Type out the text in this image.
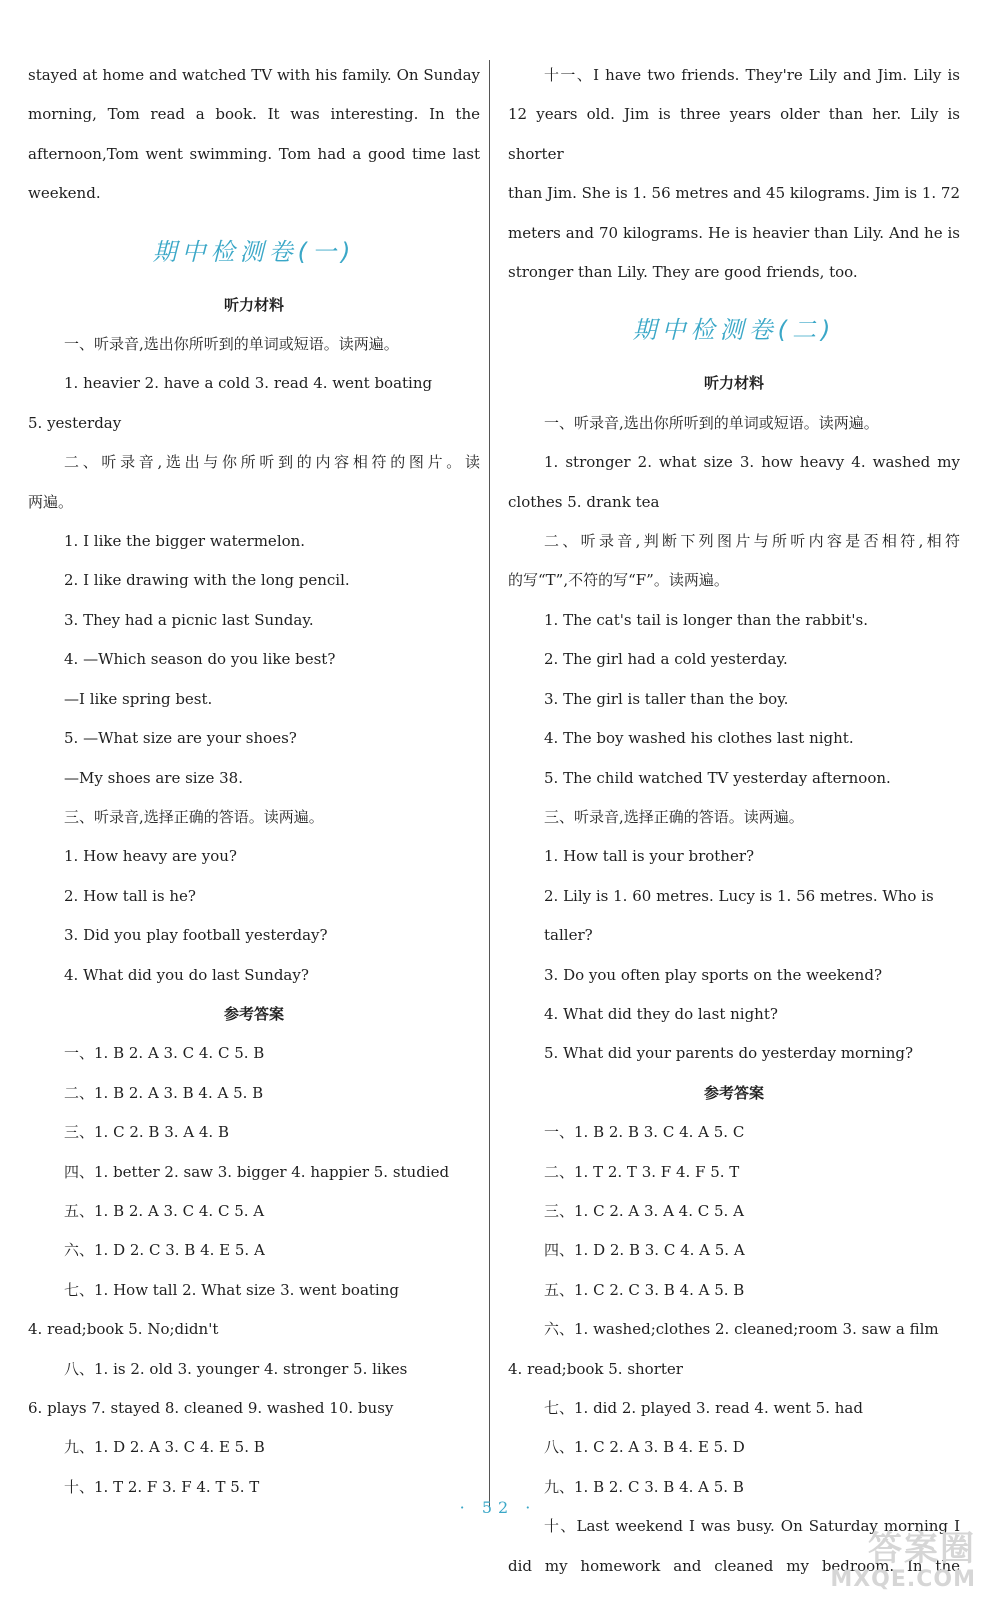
stayed at home and watched TV with his family. On Sunday

morning, Tom read a book. It was interesting. In the

afternoon,Tom went swimming. Tom had a good time last

weekend.

期中检测卷(一)

听力材料

一、听录音,选出你所听到的单词或短语。读两遍。

1. heavier 2. have a cold 3. read 4. went boating

5. yesterday

二、听录音,选出与你所听到的内容相符的图片。读

两遍。

1. I like the bigger watermelon.

2. I like drawing with the long pencil.

3. They had a picnic last Sunday.

4. —Which season do you like best?

—I like spring best.

5. —What size are your shoes?

—My shoes are size 38.

三、听录音,选择正确的答语。读两遍。

1. How heavy are you?

2. How tall is he?

3. Did you play football yesterday?

4. What did you do last Sunday?

参考答案

一、1. B 2. A 3. C 4. C 5. B

二、1. B 2. A 3. B 4. A 5. B

三、1. C 2. B 3. A 4. B

四、1. better 2. saw 3. bigger 4. happier 5. studied

五、1. B 2. A 3. C 4. C 5. A

六、1. D 2. C 3. B 4. E 5. A

七、1. How tall 2. What size 3. went boating

4. read;book 5. No;didn't

八、1. is 2. old 3. younger 4. stronger 5. likes

6. plays 7. stayed 8. cleaned 9. washed 10. busy

九、1. D 2. A 3. C 4. E 5. B

十、1. T 2. F 3. F 4. T 5. T

十一、I have two friends. They're Lily and Jim. Lily is

12 years old. Jim is three years older than her. Lily is shorter

than Jim. She is 1. 56 metres and 45 kilograms. Jim is 1. 72

meters and 70 kilograms. He is heavier than Lily. And he is

stronger than Lily. They are good friends, too.

期中检测卷(二)

听力材料

一、听录音,选出你所听到的单词或短语。读两遍。

1. stronger 2. what size 3. how heavy 4. washed my

clothes 5. drank tea

二、听录音,判断下列图片与所听内容是否相符,相符

的写“T”,不符的写“F”。读两遍。

1. The cat's tail is longer than the rabbit's.

2. The girl had a cold yesterday.

3. The girl is taller than the boy.

4. The boy washed his clothes last night.

5. The child watched TV yesterday afternoon.

三、听录音,选择正确的答语。读两遍。

1. How tall is your brother?

2. Lily is 1. 60 metres. Lucy is 1. 56 metres. Who is taller?

3. Do you often play sports on the weekend?

4. What did they do last night?

5. What did your parents do yesterday morning?

参考答案

一、1. B 2. B 3. C 4. A 5. C

二、1. T 2. T 3. F 4. F 5. T

三、1. C 2. A 3. A 4. C 5. A

四、1. D 2. B 3. C 4. A 5. A

五、1. C 2. C 3. B 4. A 5. B

六、1. washed;clothes 2. cleaned;room 3. saw a film

4. read;book 5. shorter

七、1. did 2. played 3. read 4. went 5. had

八、1. C 2. A 3. B 4. E 5. D

九、1. B 2. C 3. B 4. A 5. B

十、Last weekend I was busy. On Saturday morning I

did my homework and cleaned my bedroom. In the

· 52 ·
答案圈
MXQE.COM
